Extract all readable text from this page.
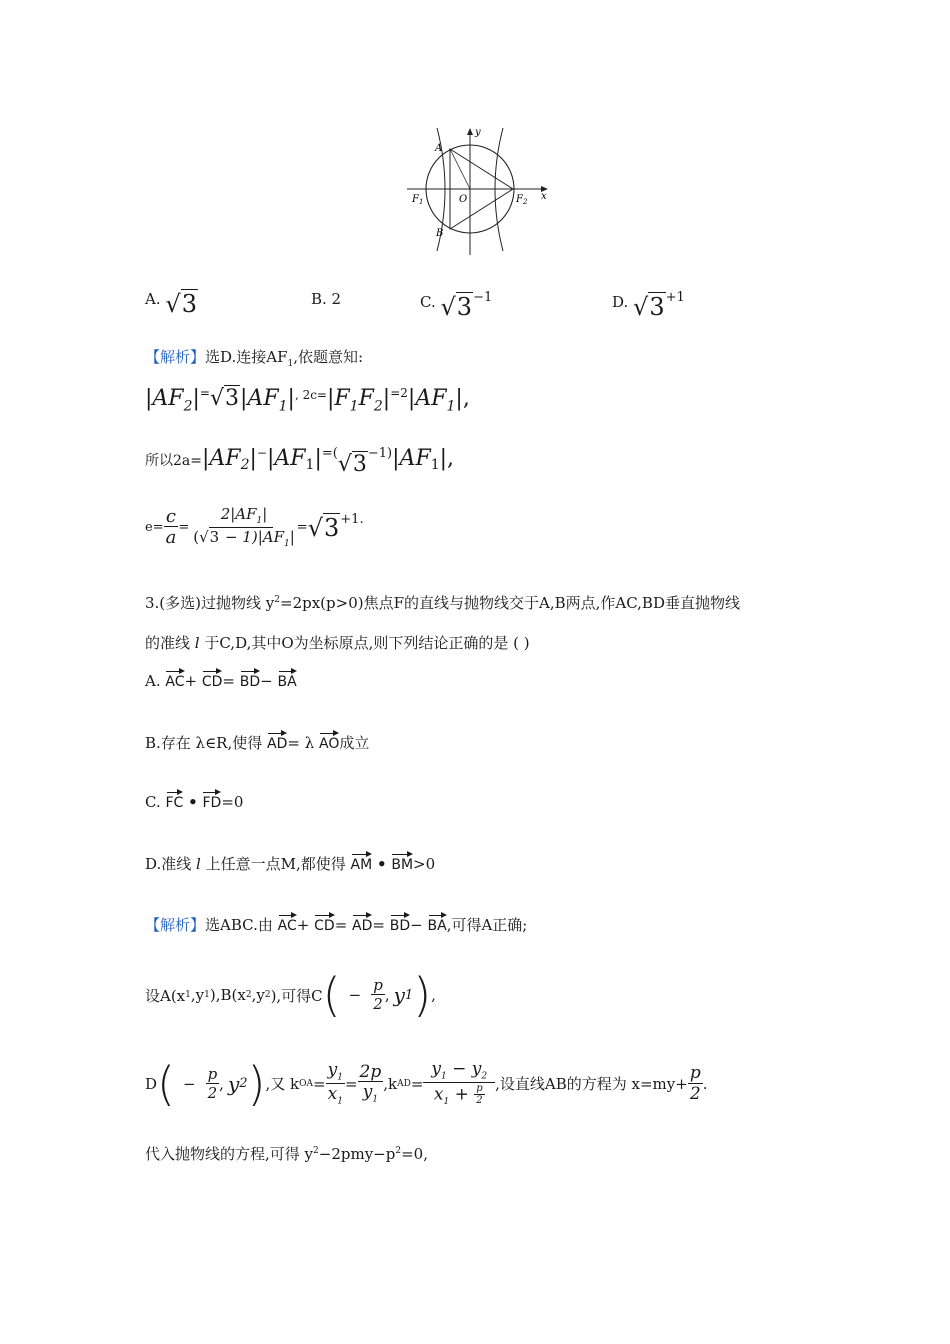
A
B
O
$F_1$	$F_2$ x
y
A. √3	B. 2	C. √3−1	D. √3+1
【解析】选D.连接$AF_1$,依题意知:
$|AF_2|^=√3|AF_1|^{, 2c=}|F_1F_2|^{=2}|AF_1|$,
所以$2a=|AF_2|^-|AF_1|=(√3-1)|AF_1|$,
$e= \frac{c}{a} = \frac{2|AF_1|}{(√3 - 1)|AF_1|} = √3 +1$.
3.(多选)过抛物线 $y^2=2px(p>0)$焦点F的直线与抛物线交于A,B两点,作AC,BD垂直抛物线
的准线 l 于C,D,其中O为坐标原点,则下列结论正确的是 ( )
A. AC+ CD= BD− BA
B.存在 λ∈R,使得 AD= λ AO成立
C. FC • FD=0
D.准线 l 上任意一点M,都使得 AM • BM>0
【解析】选ABC.由 AC+ CD= AD= BD− BA,可得A正确;
设A(x 1 ,y 1 ),B(x 2 ,y 2 ),可得C ( − $\frac{p}{2}$ , y 1 ) ,
D ( − $\frac{p}{2}$ , y 2 ) ,又 k OA = $\frac{y_1}{x_1} = \frac{2p}{y_1} ,k$ AD = $\frac{y_1 - y_2}{x_1 + \frac{p}{2}}$ ,设直线AB的方程为 $x=my+ \frac{p}{2}$ .
代入抛物线的方程,可得 $y^2-2pmy-p^2=0$,
